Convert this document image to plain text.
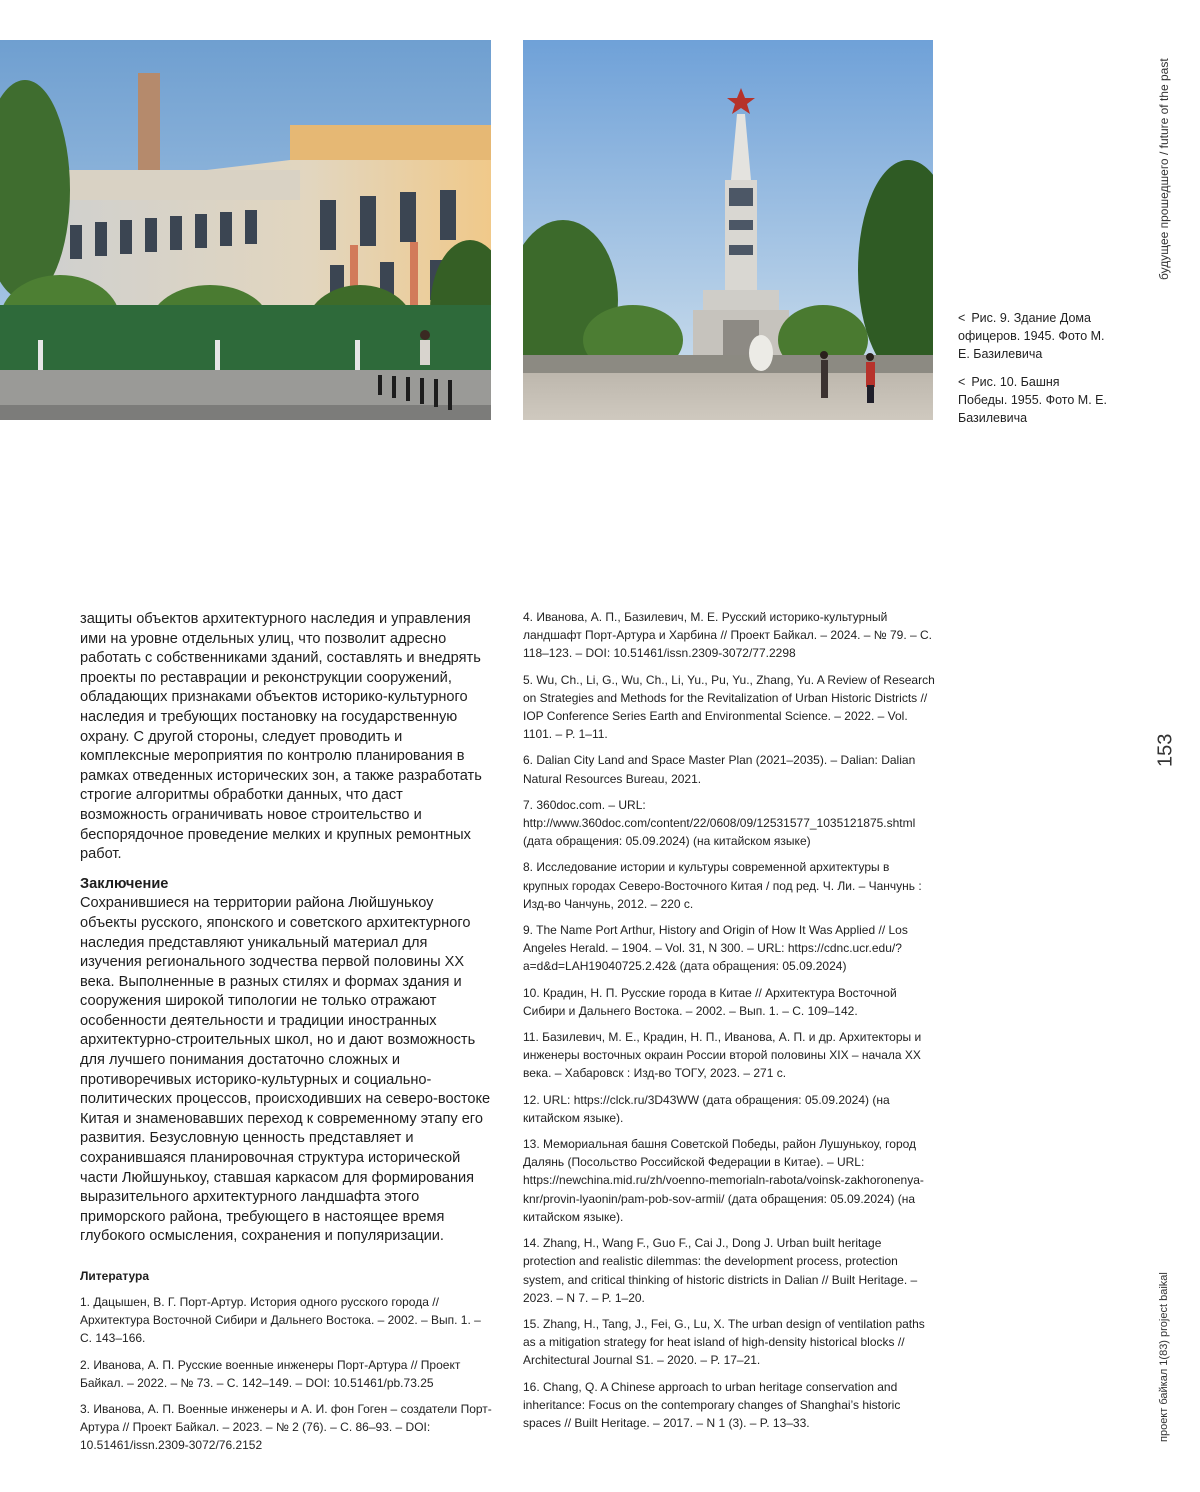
< Рис. 9. Здание Дома офицеров. 1945. Фото М. Е. Базилевича
< Рис. 10. Башня Победы. 1955. Фото М. Е. Базилевича
будущее прошедшего / future of the past
153
проект байкал 1(83) project baikal

защиты объектов архитектурного наследия и управления ими на уровне отдельных улиц, что позволит адресно работать с собственниками зданий, составлять и внедрять проекты по реставрации и реконструкции сооружений, обладающих признаками объектов историко-культурного наследия и требующих постановку на государственную охрану. С другой стороны, следует проводить и комплексные мероприятия по контролю планирования в рамках отведенных исторических зон, а также разработать строгие алгоритмы обработки данных, что даст возможность ограничивать новое строительство и беспорядочное проведение мелких и крупных ремонтных работ.

Заключение

Сохранившиеся на территории района Люйшунькоу объекты русского, японского и советского архитектурного наследия представляют уникальный материал для изучения регионального зодчества первой половины XX века. Выполненные в разных стилях и формах здания и сооружения широкой типологии не только отражают особенности деятельности и традиции иностранных архитектурно-строительных школ, но и дают возможность для лучшего понимания достаточно сложных и противоречивых историко-культурных и социально-политических процессов, происходивших на северо-востоке Китая и знаменовавших переход к современному этапу его развития. Безусловную ценность представляет и сохранившаяся планировочная структура исторической части Люйшунькоу, ставшая каркасом для формирования выразительного архитектурного ландшафта этого приморского района, требующего в настоящее время глубокого осмысления, сохранения и популяризации.

Литература

1. Дацышен, В. Г. Порт-Артур. История одного русского города // Архитектура Восточной Сибири и Дальнего Востока. – 2002. – Вып. 1. – С. 143–166.

2. Иванова, А. П. Русские военные инженеры Порт-Артура // Проект Байкал. – 2022. – № 73. – С. 142–149. – DOI: 10.51461/pb.73.25

3. Иванова, А. П. Военные инженеры и А. И. фон Гоген – создатели Порт-Артура // Проект Байкал. – 2023. – № 2 (76). – С. 86–93. – DOI: 10.51461/issn.2309-3072/76.2152

4. Иванова, А. П., Базилевич, М. Е. Русский историко-культурный ландшафт Порт-Артура и Харбина // Проект Байкал. – 2024. – № 79. – С. 118–123. – DOI: 10.51461/issn.2309-3072/77.2298

5. Wu, Ch., Li, G., Wu, Ch., Li, Yu., Pu, Yu., Zhang, Yu. A Review of Research on Strategies and Methods for the Revitalization of Urban Historic Districts // IOP Conference Series Earth and Environmental Science. – 2022. – Vol. 1101. – P. 1–11.

6. Dalian City Land and Space Master Plan (2021–2035). – Dalian: Dalian Natural Resources Bureau, 2021.

7. 360doc.com. – URL: http://www.360doc.com/content/22/0608/09/12531577_1035121875.shtml (дата обращения: 05.09.2024) (на китайском языке)

8. Исследование истории и культуры современной архитектуры в крупных городах Северо-Восточного Китая / под ред. Ч. Ли. – Чанчунь : Изд-во Чанчунь, 2012. – 220 с.

9. The Name Port Arthur, History and Origin of How It Was Applied // Los Angeles Herald. – 1904. – Vol. 31, N 300. – URL: https://cdnc.ucr.edu/?a=d&d=LAH19040725.2.42& (дата обращения: 05.09.2024)

10. Крадин, Н. П. Русские города в Китае // Архитектура Восточной Сибири и Дальнего Востока. – 2002. – Вып. 1. – С. 109–142.

11. Базилевич, М. Е., Крадин, Н. П., Иванова, А. П. и др. Архитекторы и инженеры восточных окраин России второй половины XIX – начала XX века. – Хабаровск : Изд-во ТОГУ, 2023. – 271 с.

12. URL: https://clck.ru/3D43WW (дата обращения: 05.09.2024) (на китайском языке).

13. Мемориальная башня Советской Победы, район Лушунькоу, город Далянь (Посольство Российской Федерации в Китае). – URL: https://newchina.mid.ru/zh/voenno-memorialn-rabota/voinsk-zakhoronenya-knr/provin-lyaonin/pam-pob-sov-armii/ (дата обращения: 05.09.2024) (на китайском языке).

14. Zhang, H., Wang F., Guo F., Cai J., Dong J. Urban built heritage protection and realistic dilemmas: the development process, protection system, and critical thinking of historic districts in Dalian // Built Heritage. – 2023. – N 7. – P. 1–20.

15. Zhang, H., Tang, J., Fei, G., Lu, X. The urban design of ventilation paths as a mitigation strategy for heat island of high-density historical blocks // Architectural Journal S1. – 2020. – P. 17–21.

16. Chang, Q. A Chinese approach to urban heritage conservation and inheritance: Focus on the contemporary changes of Shanghai’s historic spaces // Built Heritage. – 2017. – N 1 (3). – P. 13–33.
